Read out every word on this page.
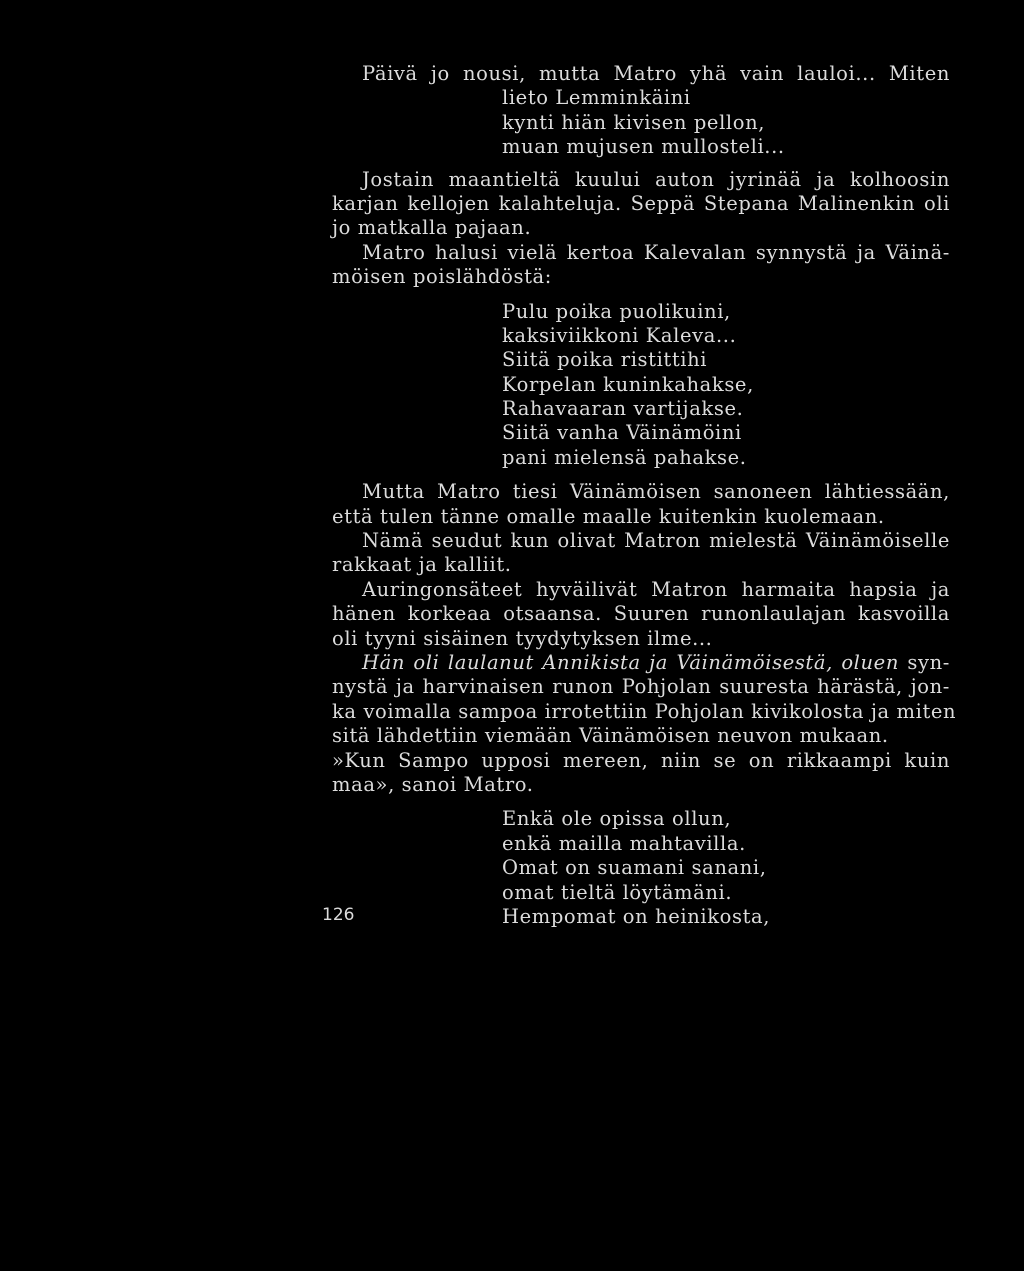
Päivä jo nousi, mutta Matro yhä vain lauloi... Miten
lieto Lemminkäini
kynti hiän kivisen pellon,
muan mujusen mullosteli...
Jostain maantieltä kuului auton jyrinää ja kolhoosin
karjan kellojen kalahteluja. Seppä Stepana Malinenkin oli
jo matkalla pajaan.
Matro halusi vielä kertoa Kalevalan synnystä ja Väinä-
möisen poislähdöstä:
Pulu poika puolikuini,
kaksiviikkoni Kaleva...
Siitä poika ristittihi
Korpelan kuninkahakse,
Rahavaaran vartijakse.
Siitä vanha Väinämöini
pani mielensä pahakse.
Mutta Matro tiesi Väinämöisen sanoneen lähtiessään,
että tulen tänne omalle maalle kuitenkin kuolemaan.
Nämä seudut kun olivat Matron mielestä Väinämöiselle
rakkaat ja kalliit.
Auringonsäteet hyväilivät Matron harmaita hapsia ja
hänen korkeaa otsaansa. Suuren runonlaulajan kasvoilla
oli tyyni sisäinen tyydytyksen ilme...
Hän oli laulanut Annikista ja Väinämöisestä, oluen syn-
nystä ja harvinaisen runon Pohjolan suuresta härästä, jon-
ka voimalla sampoa irrotettiin Pohjolan kivikolosta ja miten
sitä lähdettiin viemään Väinämöisen neuvon mukaan.
»Kun Sampo upposi mereen, niin se on rikkaampi kuin
maa», sanoi Matro.
Enkä ole opissa ollun,
enkä mailla mahtavilla.
Omat on suamani sanani,
omat tieltä löytämäni.
Hempomat on heinikosta,
126
